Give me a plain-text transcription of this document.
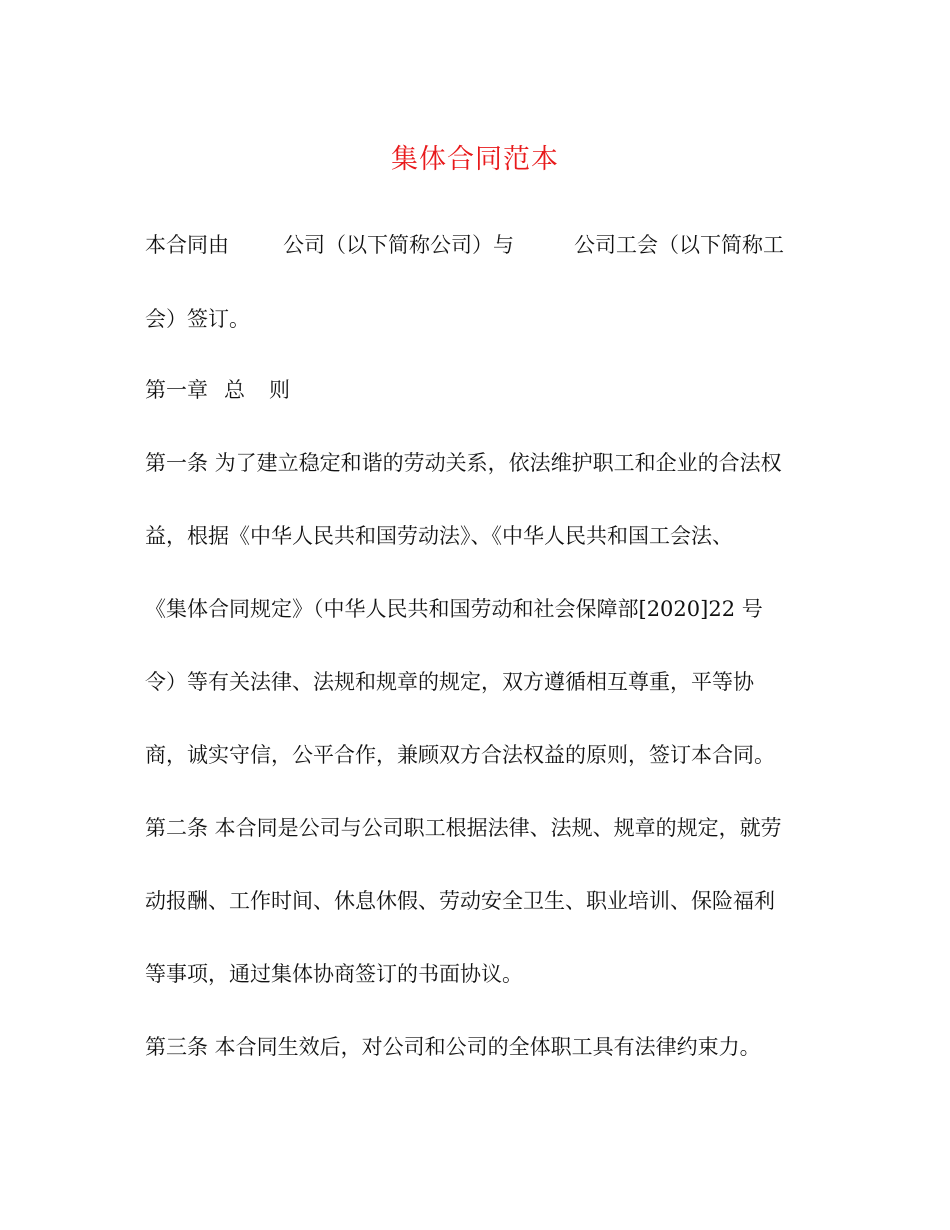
集体合同范本
本合同由	公司（以下简称公司）与	公司工会（以下简称工
会）签订。
第一章 总 则
第一条 为了建立稳定和谐的劳动关系，依法维护职工和企业的合法权
益，根据《中华人民共和国劳动法》、《中华人民共和国工会法、
《集体合同规定》（中华人民共和国劳动和社会保障部[2020]22 号
令）等有关法律、法规和规章的规定，双方遵循相互尊重，平等协
商，诚实守信，公平合作，兼顾双方合法权益的原则，签订本合同。
第二条 本合同是公司与公司职工根据法律、法规、规章的规定，就劳
动报酬、工作时间、休息休假、劳动安全卫生、职业培训、保险福利
等事项，通过集体协商签订的书面协议。
第三条 本合同生效后，对公司和公司的全体职工具有法律约束力。
